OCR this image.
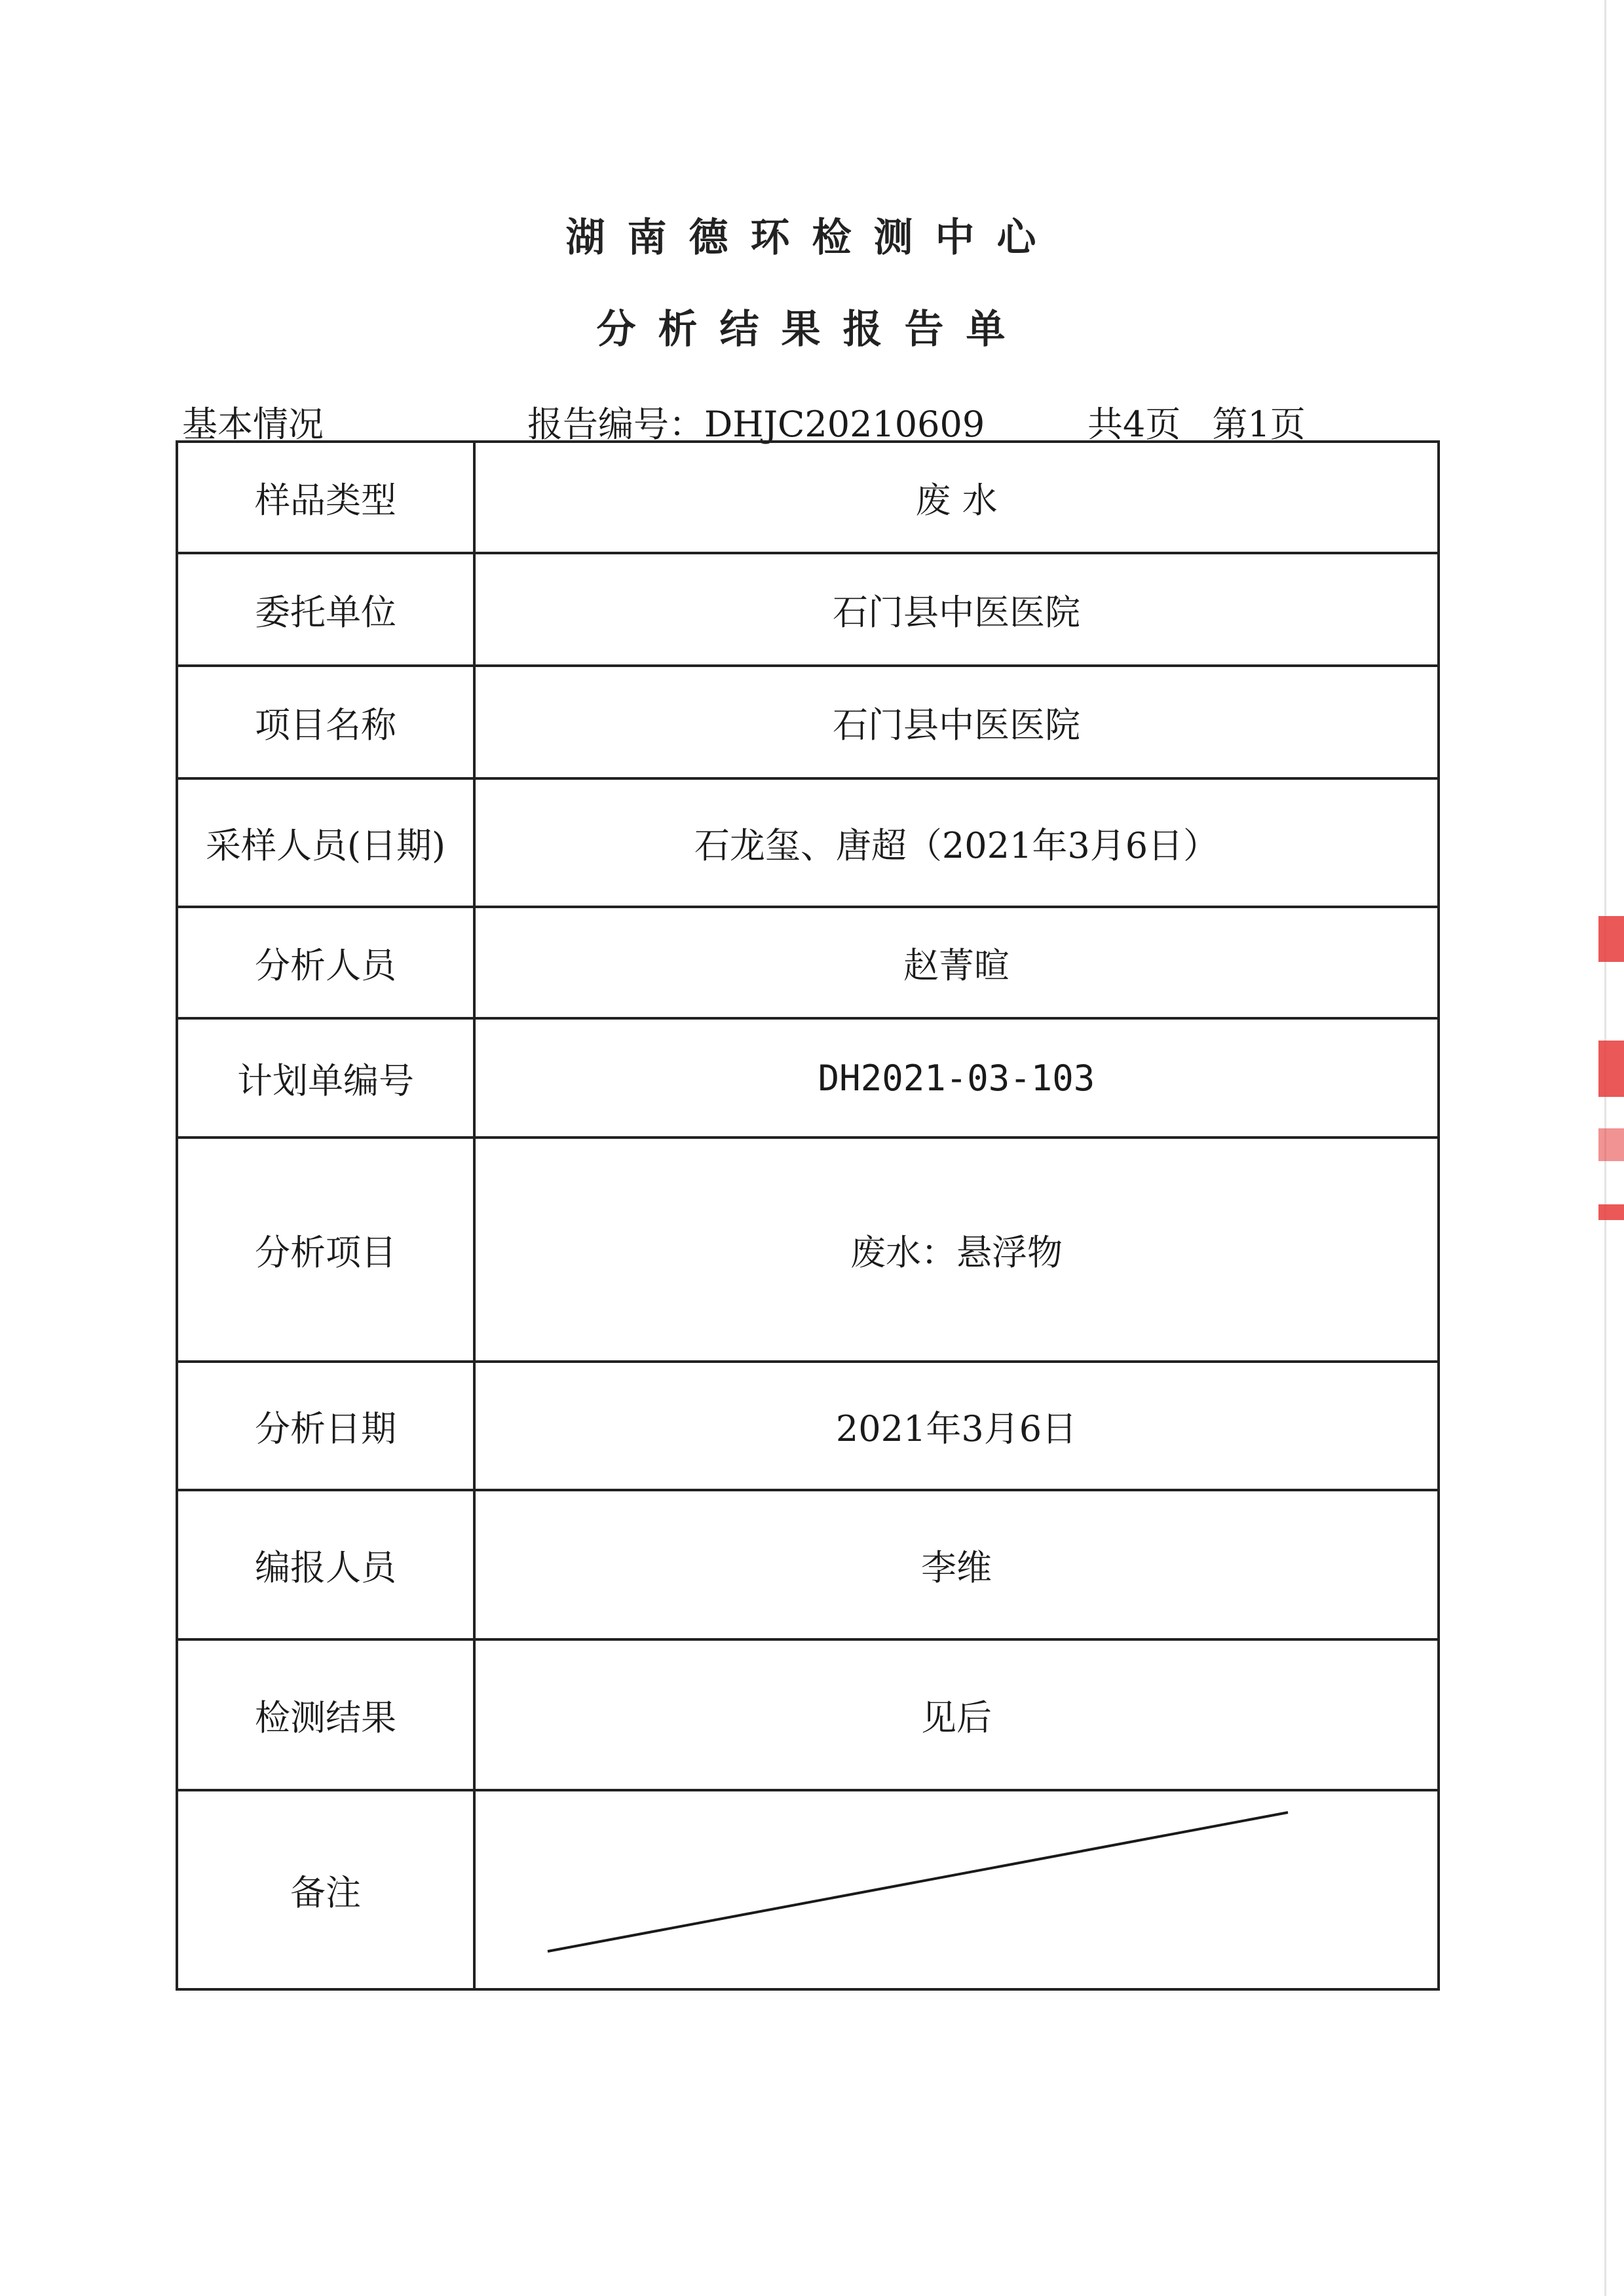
湖南德环检测中心
分析结果报告单
基本情况	报告编号：DHJC20210609	共4页 第1页
样品类型	废 水
委托单位	石门县中医医院
项目名称	石门县中医医院
采样人员(日期)	石龙玺、唐超（2021年3月6日）
分析人员	赵菁暄
计划单编号	DH2021-03-103
分析项目	废水：悬浮物
分析日期	2021年3月6日
编报人员	李维
检测结果	见后
备注	
